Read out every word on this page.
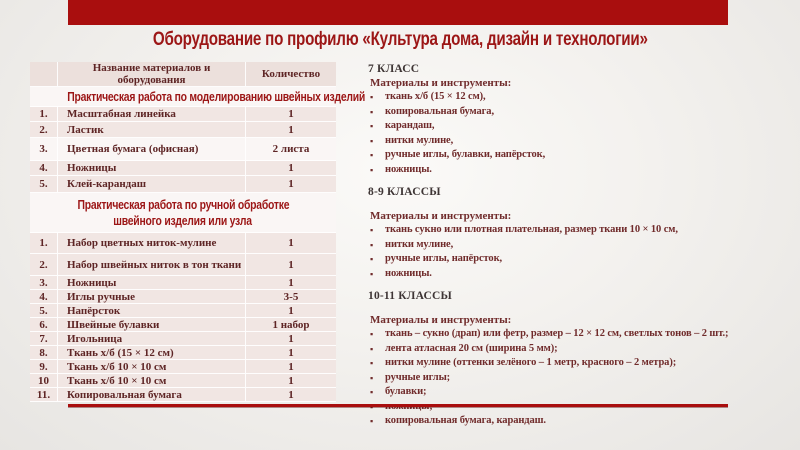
Оборудование по профилю «Культура дома, дизайн и технологии»
	Название материалов и оборудования	Количество
Практическая работа по моделированию швейных изделий		
1.	Масштабная линейка	1
2.	Ластик	1
3.	Цветная бумага (офисная)	2 листа
4.	Ножницы	1
5.	Клей-карандаш	1

Практическая работа по ручной обработке
швейного изделия или узла		

1.	Набор цветных ниток-мулине	1
2.	Набор швейных ниток в тон ткани	1
3.	Ножницы	1
4.	Иглы ручные	3-5
5.	Напёрсток	1
6.	Швейные булавки	1 набор
7.	Игольница	1
8.	Ткань х/б (15 × 12 см)	1
9.	Ткань х/б 10 × 10 см	1
10	Ткань х/б 10 × 10 см	1
11.	Копировальная бумага	1
7 КЛАСС
Материалы и инструменты:
▪ ткань х/б (15 × 12 см),
▪ копировальная бумага,
▪ карандаш,
▪ нитки мулине,
▪ ручные иглы, булавки, напёрсток,
▪ ножницы.
8-9 КЛАССЫ
Материалы и инструменты:
▪ ткань сукно или плотная плательная, размер ткани 10 × 10 см,
▪ нитки мулине,
▪ ручные иглы, напёрсток,
▪ ножницы.
10-11 КЛАССЫ
Материалы и инструменты:
▪ ткань – сукно (драп) или фетр, размер – 12 × 12 см, светлых тонов – 2 шт.;
▪ лента атласная 20 см (ширина 5 мм);
▪ нитки мулине (оттенки зелёного – 1 метр, красного – 2 метра);
▪ ручные иглы;
▪ булавки;
▪
▪ копировальная бумага, карандаш.
